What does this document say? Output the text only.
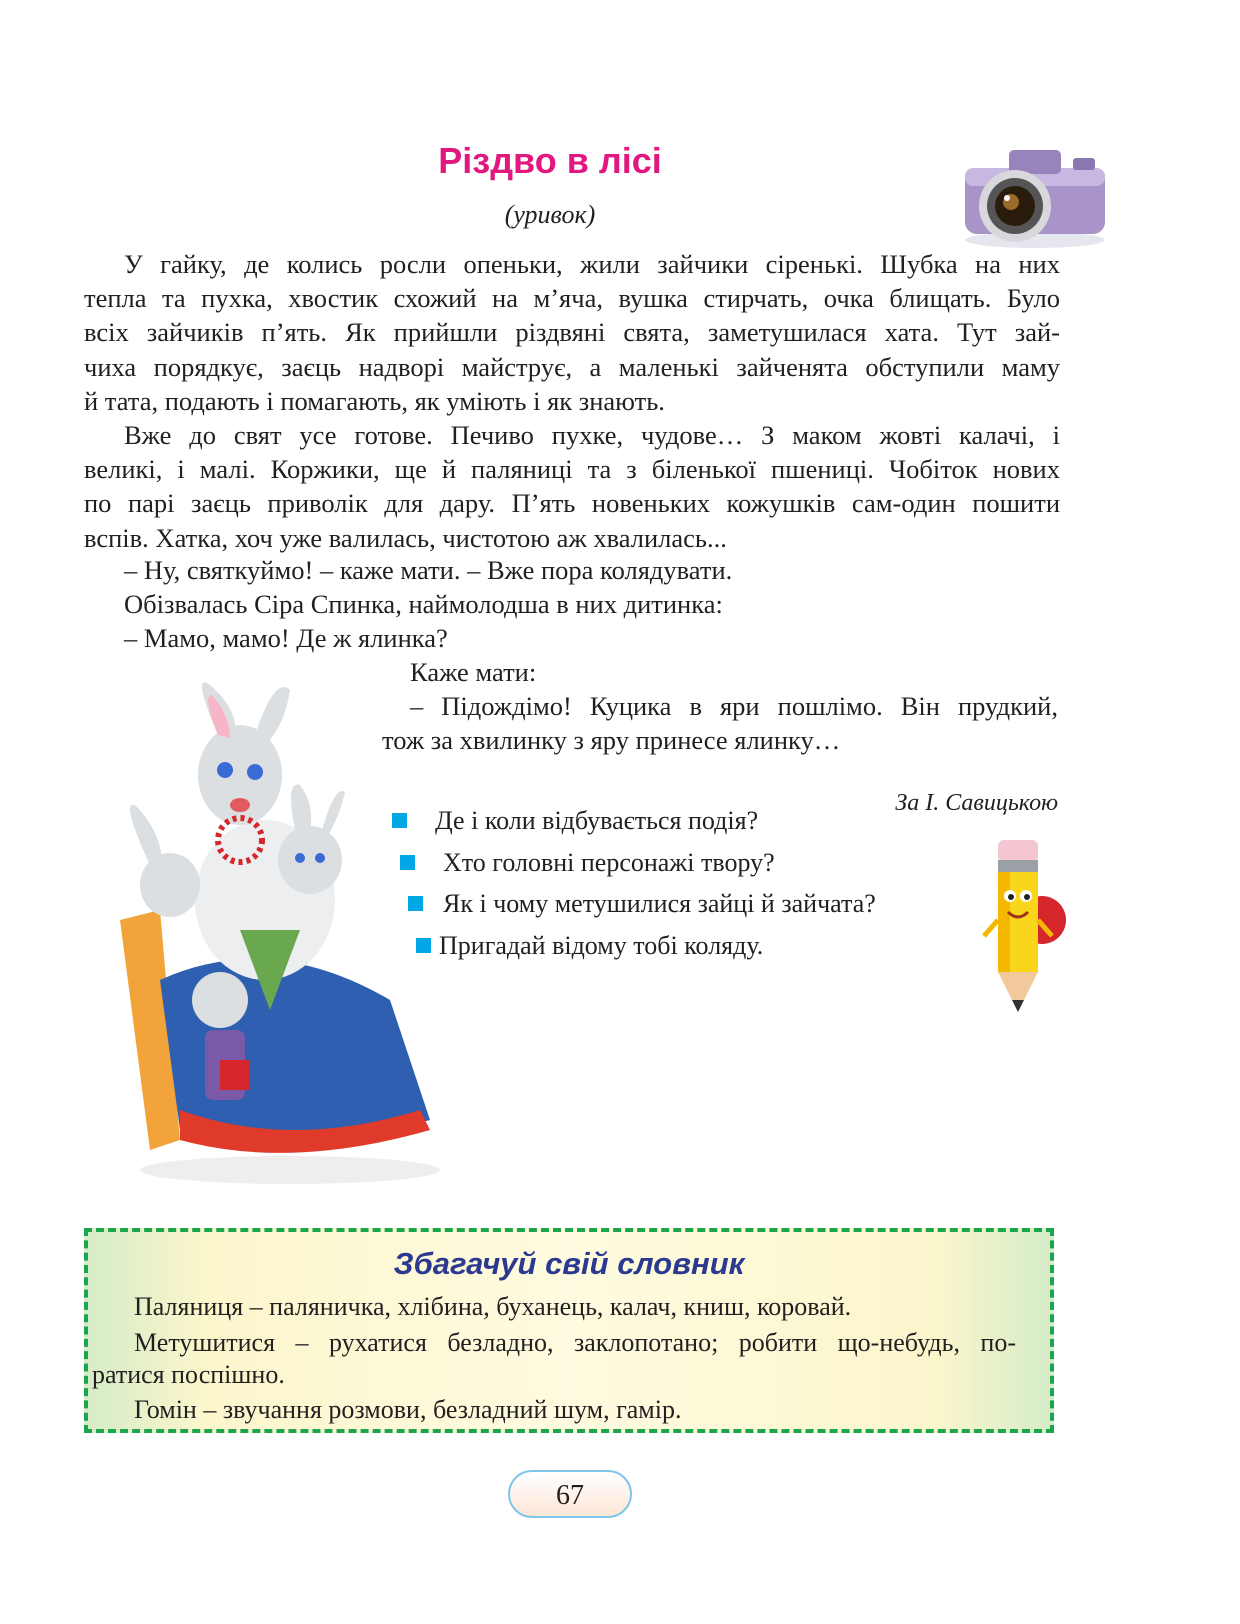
Різдво в лісі
(уривок)
У гайку, де колись росли опеньки, жили зайчики сіренькі. Шубка на них
тепла та пухка, хвостик схожий на м’яча, вушка стирчать, очка блищать. Було
всіх зайчиків п’ять. Як прийшли різдвяні свята, заметушилася хата. Тут зай-
чиха порядкує, заєць надворі майструє, а маленькі зайченята обступили маму
й тата, подають і помагають, як уміють і як знають.
Вже до свят усе готове. Печиво пухке, чудове… З маком жовті калачі, і
великі, і малі. Коржики, ще й паляниці та з біленької пшениці. Чобіток нових
по парі заєць приволік для дару. П’ять новеньких кожушків сам-один пошити
вспів. Хатка, хоч уже валилась, чистотою аж хвалилась...
– Ну, святкуймо! – каже мати. – Вже пора колядувати.
Обізвалась Сіра Спинка, наймолодша в них дитинка:
– Мамо, мамо! Де ж ялинка?
Каже мати:
– Підождімо! Куцика в яри пошлімо. Він прудкий,
тож за хвилинку з яру принесе ялинку…
За І. Савицькою
Де і коли відбувається подія?
Хто головні персонажі твору?
Як і чому метушилися зайці й зайчата?
Пригадай відому тобі коляду.
Збагачуй свій словник
Паляниця – паляничка, хлібина, буханець, калач, книш, коровай.
Метушитися – рухатися безладно, заклопотано; робити що-небудь, по-
ратися поспішно.
Гомін – звучання розмови, безладний шум, гамір.
67
